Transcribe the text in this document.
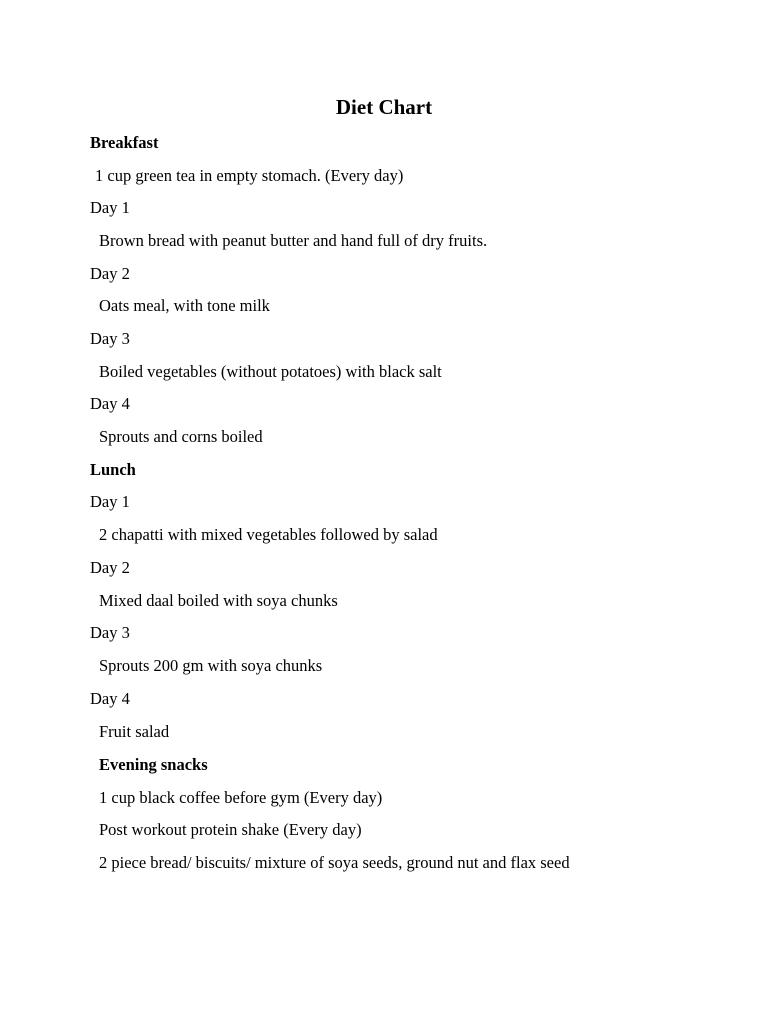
Diet Chart

Breakfast

1 cup green tea in empty stomach. (Every day)

Day 1

Brown bread with peanut butter and hand full of dry fruits.

Day 2

Oats meal, with tone milk

Day 3

Boiled vegetables (without potatoes) with black salt

Day 4

Sprouts and corns boiled

Lunch

Day 1

2 chapatti with mixed vegetables followed by salad

Day 2

Mixed daal boiled with soya chunks

Day 3

Sprouts 200 gm with soya chunks

Day 4

Fruit salad

Evening snacks

1 cup black coffee before gym (Every day)

Post workout protein shake (Every day)

2 piece bread/ biscuits/ mixture of soya seeds, ground nut and flax seed
